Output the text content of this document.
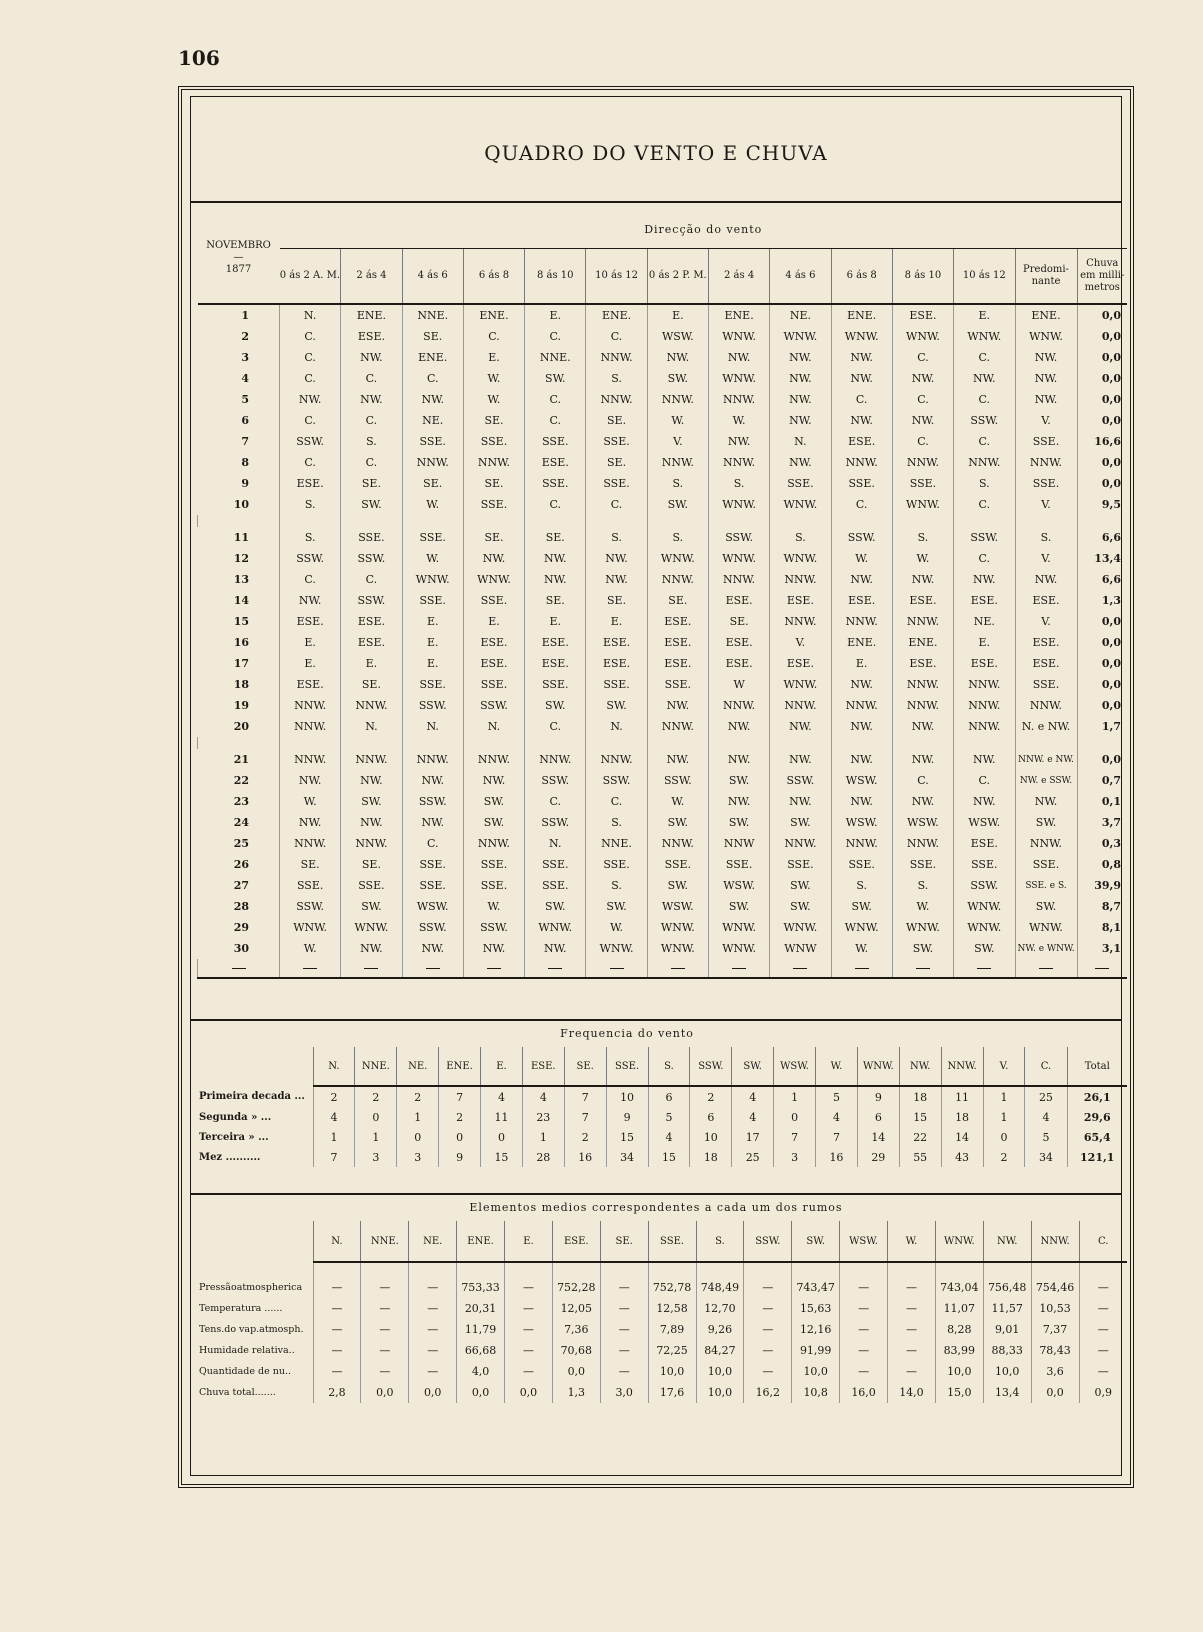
106
QUADRO DO VENTO E CHUVA
NOVEMBRO
—
1877	Direcção do vento													
	0 ás 2 A. M.	2 ás 4	4 ás 6	6 ás 8	8 ás 10	10 ás 12	0 ás 2 P. M.	2 ás 4	4 ás 6	6 ás 8	8 ás 10	10 ás 12	Predomi-nante	Chuva em milli-metros
1	N.	ENE.	NNE.	ENE.	E.	ENE.	E.	ENE.	NE.	ENE.	ESE.	E.	ENE.	0,0
2	C.	ESE.	SE.	C.	C.	C.	WSW.	WNW.	WNW.	WNW.	WNW.	WNW.	WNW.	0,0
3	C.	NW.	ENE.	E.	NNE.	NNW.	NW.	NW.	NW.	NW.	C.	C.	NW.	0,0
4	C.	C.	C.	W.	SW.	S.	SW.	WNW.	NW.	NW.	NW.	NW.	NW.	0,0
5	NW.	NW.	NW.	W.	C.	NNW.	NNW.	NNW.	NW.	C.	C.	C.	NW.	0,0
6	C.	C.	NE.	SE.	C.	SE.	W.	W.	NW.	NW.	NW.	SSW.	V.	0,0
7	SSW.	S.	SSE.	SSE.	SSE.	SSE.	V.	NW.	N.	ESE.	C.	C.	SSE.	16,6
8	C.	C.	NNW.	NNW.	ESE.	SE.	NNW.	NNW.	NW.	NNW.	NNW.	NNW.	NNW.	0,0
9	ESE.	SE.	SE.	SE.	SSE.	SSE.	S.	S.	SSE.	SSE.	SSE.	S.	SSE.	0,0
10	S.	SW.	W.	SSE.	C.	C.	SW.	WNW.	WNW.	C.	WNW.	C.	V.	9,5

11	S.	SSE.	SSE.	SE.	SE.	S.	S.	SSW.	S.	SSW.	S.	SSW.	S.	6,6
12	SSW.	SSW.	W.	NW.	NW.	NW.	WNW.	WNW.	WNW.	W.	W.	C.	V.	13,4
13	C.	C.	WNW.	WNW.	NW.	NW.	NNW.	NNW.	NNW.	NW.	NW.	NW.	NW.	6,6
14	NW.	SSW.	SSE.	SSE.	SE.	SE.	SE.	ESE.	ESE.	ESE.	ESE.	ESE.	ESE.	1,3
15	ESE.	ESE.	E.	E.	E.	E.	ESE.	SE.	NNW.	NNW.	NNW.	NE.	V.	0,0
16	E.	ESE.	E.	ESE.	ESE.	ESE.	ESE.	ESE.	V.	ENE.	ENE.	E.	ESE.	0,0
17	E.	E.	E.	ESE.	ESE.	ESE.	ESE.	ESE.	ESE.	E.	ESE.	ESE.	ESE.	0,0
18	ESE.	SE.	SSE.	SSE.	SSE.	SSE.	SSE.	W	WNW.	NW.	NNW.	NNW.	SSE.	0,0
19	NNW.	NNW.	SSW.	SSW.	SW.	SW.	NW.	NNW.	NNW.	NNW.	NNW.	NNW.	NNW.	0,0
20	NNW.	N.	N.	N.	C.	N.	NNW.	NW.	NW.	NW.	NW.	NNW.	N. e NW.	1,7

21	NNW.	NNW.	NNW.	NNW.	NNW.	NNW.	NW.	NW.	NW.	NW.	NW.	NW.	NNW. e NW.	0,0
22	NW.	NW.	NW.	NW.	SSW.	SSW.	SSW.	SW.	SSW.	WSW.	C.	C.	NW. e SSW.	0,7
23	W.	SW.	SSW.	SW.	C.	C.	W.	NW.	NW.	NW.	NW.	NW.	NW.	0,1
24	NW.	NW.	NW.	SW.	SSW.	S.	SW.	SW.	SW.	WSW.	WSW.	WSW.	SW.	3,7
25	NNW.	NNW.	C.	NNW.	N.	NNE.	NNW.	NNW	NNW.	NNW.	NNW.	ESE.	NNW.	0,3
26	SE.	SE.	SSE.	SSE.	SSE.	SSE.	SSE.	SSE.	SSE.	SSE.	SSE.	SSE.	SSE.	0,8
27	SSE.	SSE.	SSE.	SSE.	SSE.	S.	SW.	WSW.	SW.	S.	S.	SSW.	SSE. e S.	39,9
28	SSW.	SW.	WSW.	W.	SW.	SW.	WSW.	SW.	SW.	SW.	W.	WNW.	SW.	8,7
29	WNW.	WNW.	SSW.	SSW.	WNW.	W.	WNW.	WNW.	WNW.	WNW.	WNW.	WNW.	WNW.	8,1
30	W.	NW.	NW.	NW.	NW.	WNW.	WNW.	WNW.	WNW	W.	SW.	SW.	NW. e WNW.	3,1

Frequencia do vento
	N.	NNE.	NE.	ENE.	E.	ESE.	SE.	SSE.	S.	SSW.	SW.	WSW.	W.	WNW.	NW.	NNW.	V.	C.	Total
Primeira decada ...	2	2	2	7	4	4	7	10	6	2	4	1	5	9	18	11	1	25	26,1
Segunda » ...	4	0	1	2	11	23	7	9	5	6	4	0	4	6	15	18	1	4	29,6
Terceira » ...	1	1	0	0	0	1	2	15	4	10	17	7	7	14	22	14	0	5	65,4
Mez ..........	7	3	3	9	15	28	16	34	15	18	25	3	16	29	55	43	2	34	121,1
Elementos medios correspondentes a cada um dos rumos
	N.	NNE.	NE.	ENE.	E.	ESE.	SE.	SSE.	S.	SSW.	SW.	WSW.	W.	WNW.	NW.	NNW.	C.
Pressãoatmospherica	—	—	—	753,33	—	752,28	—	752,78	748,49	—	743,47	—	—	743,04	756,48	754,46	—
Temperatura ......	—	—	—	20,31	—	12,05	—	12,58	12,70	—	15,63	—	—	11,07	11,57	10,53	—
Tens.do vap.atmosph.	—	—	—	11,79	—	7,36	—	7,89	9,26	—	12,16	—	—	8,28	9,01	7,37	—
Humidade relativa..	—	—	—	66,68	—	70,68	—	72,25	84,27	—	91,99	—	—	83,99	88,33	78,43	—
Quantidade de nu..	—	—	—	4,0	—	0,0	—	10,0	10,0	—	10,0	—	—	10,0	10,0	3,6	—
Chuva total.......	2,8	0,0	0,0	0,0	0,0	1,3	3,0	17,6	10,0	16,2	10,8	16,0	14,0	15,0	13,4	0,0	0,9
